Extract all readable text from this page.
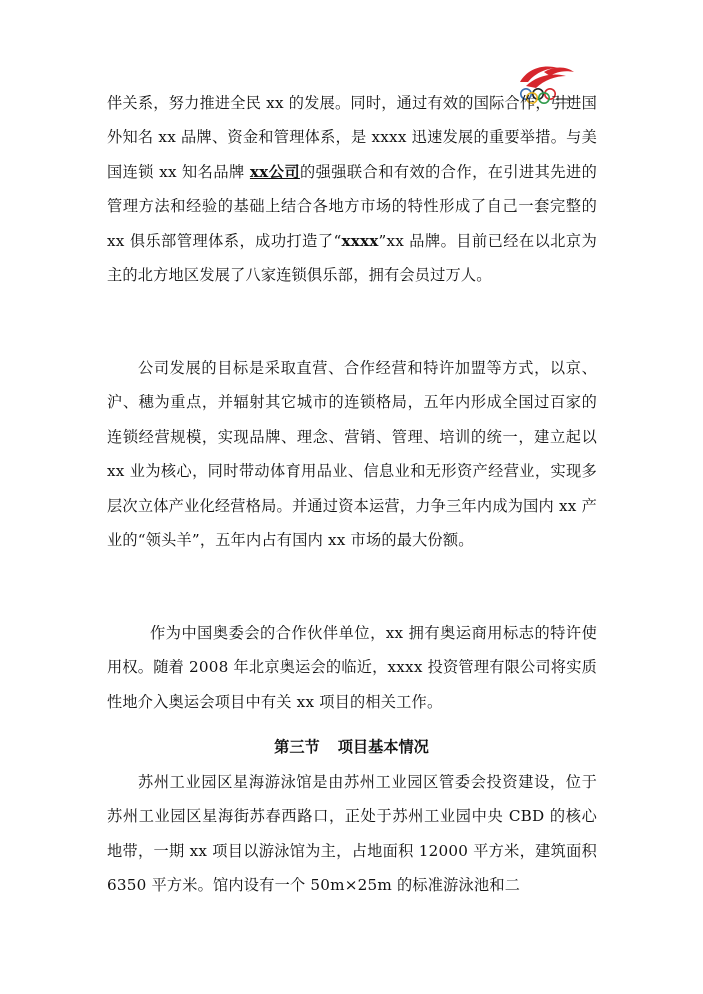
伴关系，努力推进全民 xx 的发展。同时，通过有效的国际合作，引进国外知名 xx 品牌、资金和管理体系，是 xxxx 迅速发展的重要举措。与美国连锁 xx 知名品牌 xx公司的强强联合和有效的合作，在引进其先进的管理方法和经验的基础上结合各地方市场的特性形成了自己一套完整的 xx 俱乐部管理体系，成功打造了“xxxx”xx 品牌。目前已经在以北京为主的北方地区发展了八家连锁俱乐部，拥有会员过万人。

公司发展的目标是采取直营、合作经营和特许加盟等方式，以京、沪、穗为重点，并辐射其它城市的连锁格局，五年内形成全国过百家的连锁经营规模，实现品牌、理念、营销、管理、培训的统一，建立起以 xx 业为核心，同时带动体育用品业、信息业和无形资产经营业，实现多层次立体产业化经营格局。并通过资本运营，力争三年内成为国内 xx 产业的“领头羊”，五年内占有国内 xx 市场的最大份额。

作为中国奥委会的合作伙伴单位，xx 拥有奥运商用标志的特许使用权。随着 2008 年北京奥运会的临近，xxxx 投资管理有限公司将实质性地介入奥运会项目中有关 xx 项目的相关工作。

第三节 项目基本情况

苏州工业园区星海游泳馆是由苏州工业园区管委会投资建设，位于苏州工业园区星海街苏春西路口，正处于苏州工业园中央 CBD 的核心地带，一期 xx 项目以游泳馆为主，占地面积 12000 平方米，建筑面积 6350 平方米。馆内设有一个 50m×25m 的标准游泳池和二
